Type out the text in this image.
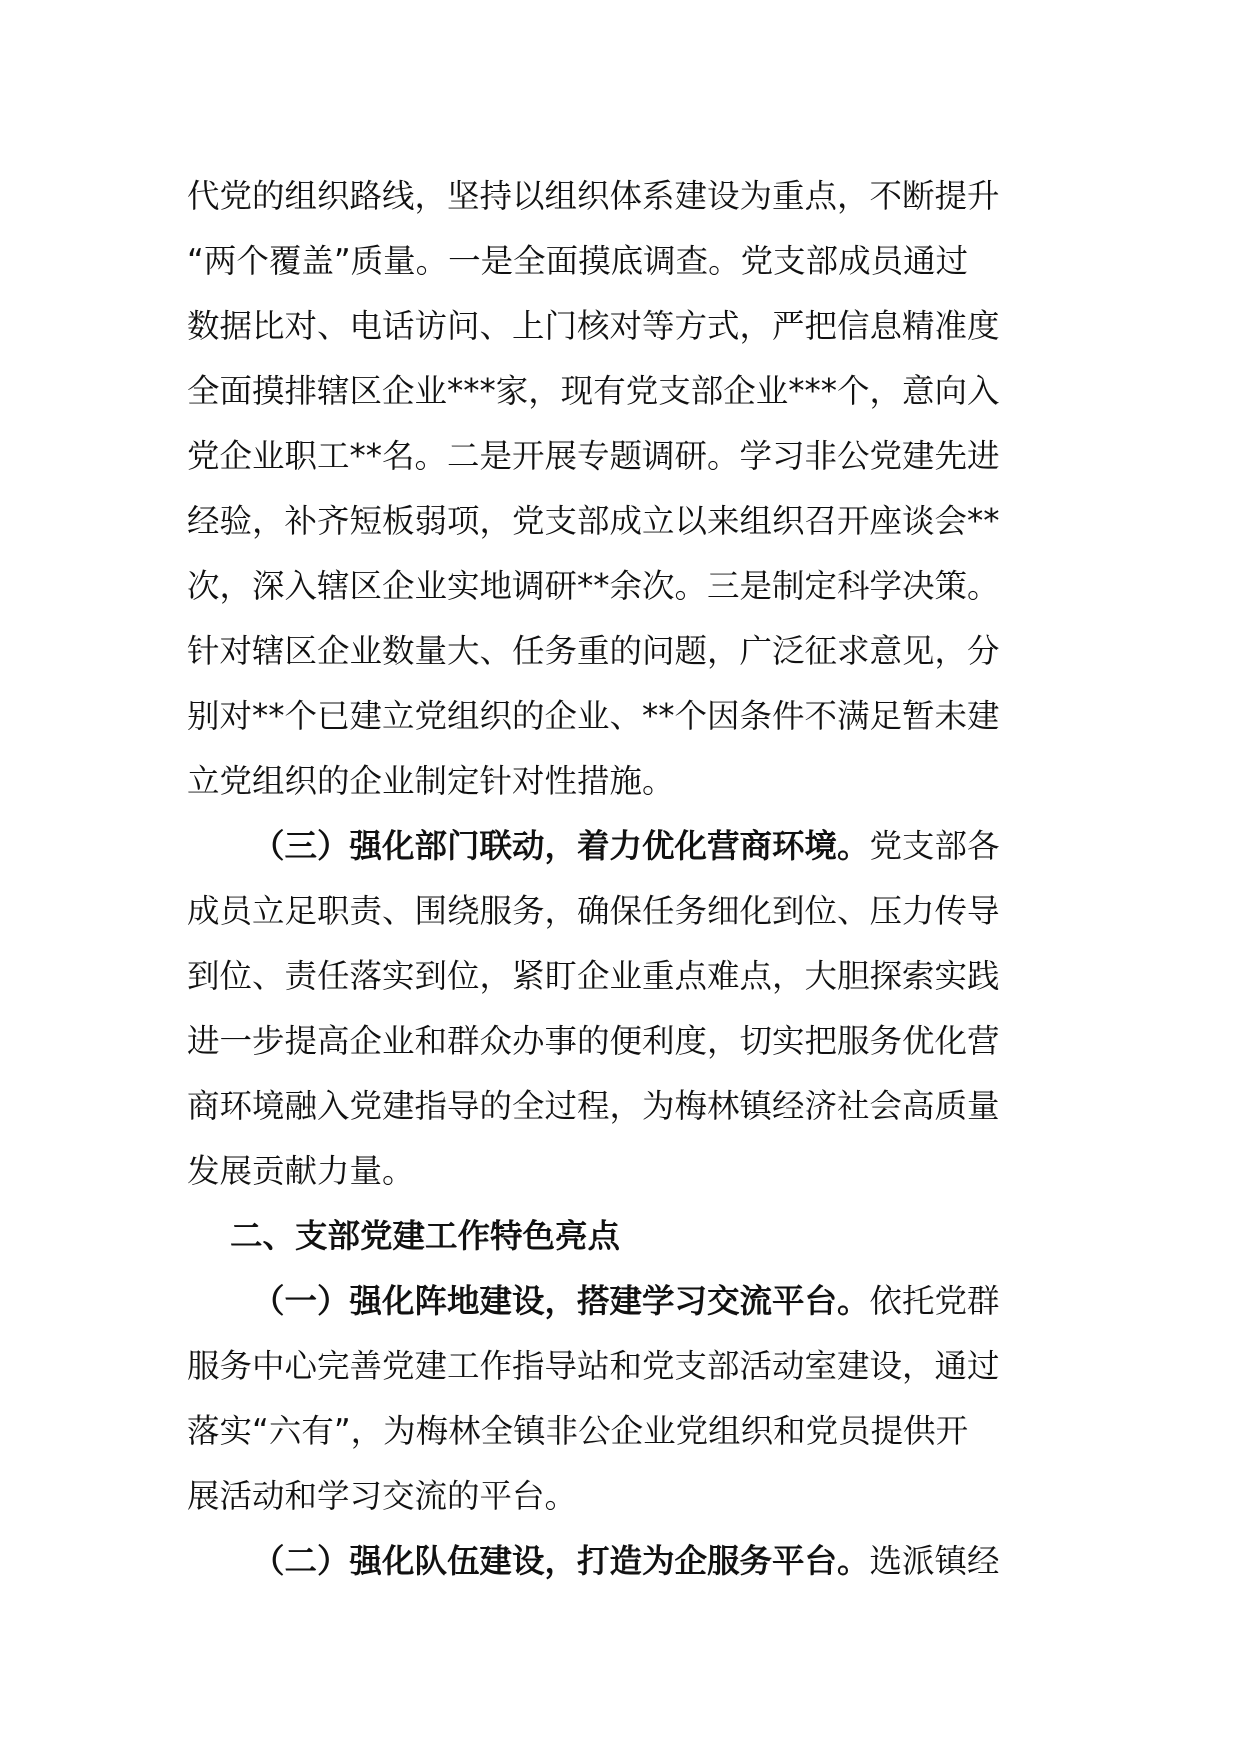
代党的组织路线，坚持以组织体系建设为重点，不断提升
“两个覆盖”质量。一是全面摸底调查。党支部成员通过
数据比对、电话访问、上门核对等方式，严把信息精准度
全面摸排辖区企业***家，现有党支部企业***个，意向入
党企业职工**名。二是开展专题调研。学习非公党建先进
经验，补齐短板弱项，党支部成立以来组织召开座谈会**
次，深入辖区企业实地调研**余次。三是制定科学决策。
针对辖区企业数量大、任务重的问题，广泛征求意见，分
别对**个已建立党组织的企业、**个因条件不满足暂未建
立党组织的企业制定针对性措施。
（三）强化部门联动，着力优化营商环境。党支部各
成员立足职责、围绕服务，确保任务细化到位、压力传导
到位、责任落实到位，紧盯企业重点难点，大胆探索实践
进一步提高企业和群众办事的便利度，切实把服务优化营
商环境融入党建指导的全过程，为梅林镇经济社会高质量
发展贡献力量。
二、支部党建工作特色亮点
（一）强化阵地建设，搭建学习交流平台。依托党群
服务中心完善党建工作指导站和党支部活动室建设，通过
落实“六有”，为梅林全镇非公企业党组织和党员提供开
展活动和学习交流的平台。
（二）强化队伍建设，打造为企服务平台。选派镇经
